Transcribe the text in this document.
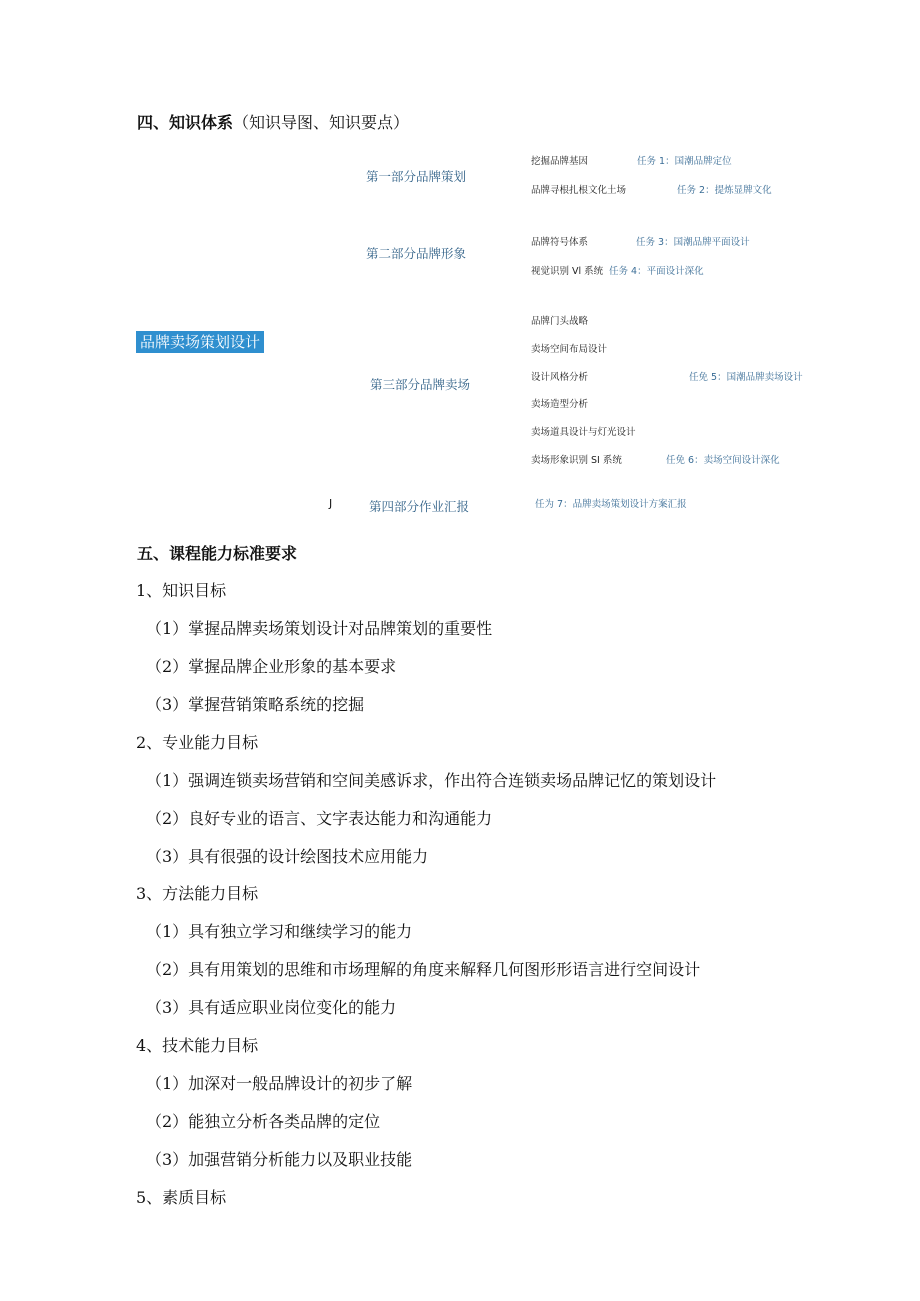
四、知识体系（知识导图、知识要点）
品牌卖场策划设计
第一部分品牌策划
挖掘品牌基因	任务 1：国潮品牌定位
品牌寻根扎根文化土场	任务 2：提炼显牌文化
第二部分品牌形象
品牌符号体系	任务 3：国潮品牌平面设计
视觉识别 Vl 系统 任务 4：平面设计深化
第三部分品牌卖场
品牌门头战略
卖场空间布局设计
设计风格分析	任免 5：国潮品牌卖场设计
卖场造型分析
卖场道具设计与灯光设计
卖场形象识别 SI 系统	任免 6：卖场空间设计深化
J	第四部分作业汇报	任为 7：品牌卖场策划设计方案汇报
五、课程能力标准要求
1、知识目标
（1）掌握品牌卖场策划设计对品牌策划的重要性
（2）掌握品牌企业形象的基本要求
（3）掌握营销策略系统的挖掘
2、专业能力目标
（1）强调连锁卖场营销和空间美感诉求，作出符合连锁卖场品牌记忆的策划设计
（2）良好专业的语言、文字表达能力和沟通能力
（3）具有很强的设计绘图技术应用能力
3、方法能力目标
（1）具有独立学习和继续学习的能力
（2）具有用策划的思维和市场理解的角度来解释几何图形形语言进行空间设计
（3）具有适应职业岗位变化的能力
4、技术能力目标
（1）加深对一般品牌设计的初步了解
（2）能独立分析各类品牌的定位
（3）加强营销分析能力以及职业技能
5、素质目标
